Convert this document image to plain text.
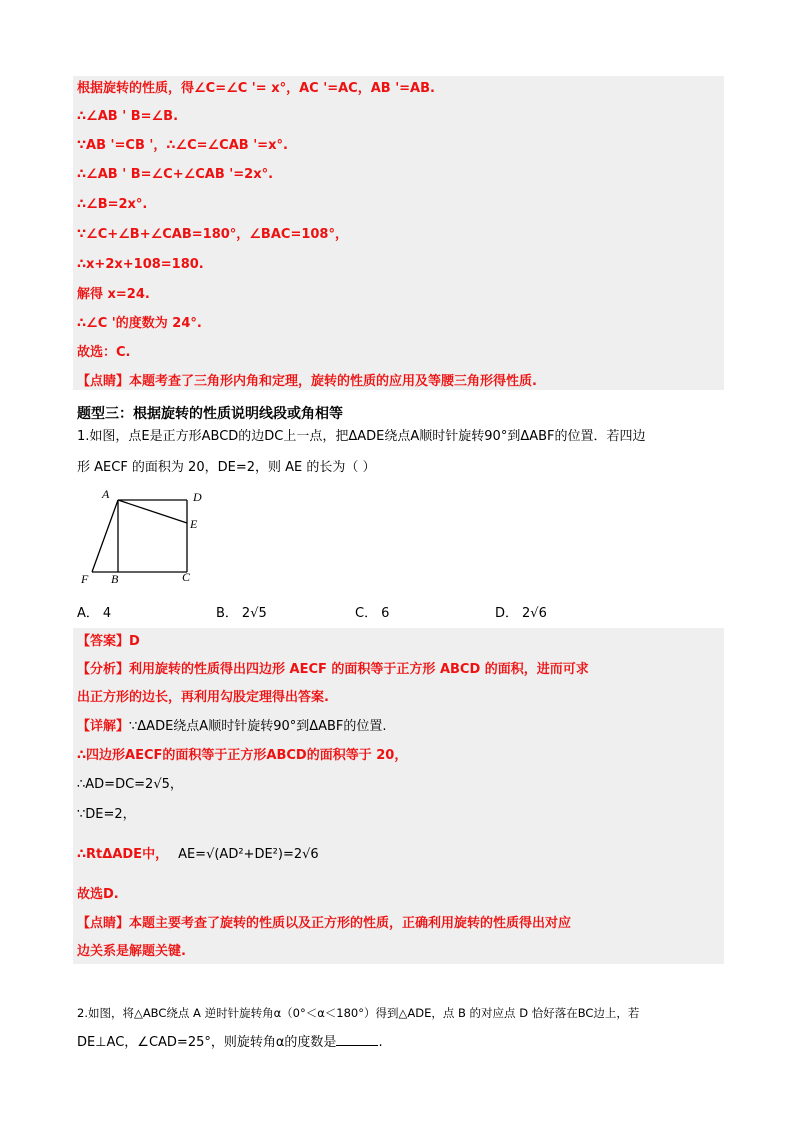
根据旋转的性质，得∠C=∠C '= x°，AC '=AC，AB '=AB.
∴∠AB ' B=∠B.
∵AB '=CB '，∴∠C=∠CAB '=x°.
∴∠AB ' B=∠C+∠CAB '=2x°.
∴∠B=2x°.
∵∠C+∠B+∠CAB=180°，∠BAC=108°，
∴x+2x+108=180.
解得 x=24.
∴∠C '的度数为 24°.
故选：C.
【点睛】本题考查了三角形内角和定理，旋转的性质的应用及等腰三角形得性质.
题型三：根据旋转的性质说明线段或角相等
1.如图，点E是正方形ABCD的边DC上一点，把ΔADE绕点A顺时针旋转90°到ΔABF的位置．若四边
形 AECF 的面积为 20，DE=2，则 AE 的长为（ ）
A	D
E
F B	C
A． 4	B． 2√5	C． 6	D． 2√6
【答案】D
【分析】利用旋转的性质得出四边形 AECF 的面积等于正方形 ABCD 的面积，进而可求
出正方形的边长，再利用勾股定理得出答案.
【详解】∵ΔADE绕点A顺时针旋转90°到ΔABF的位置.
∴四边形AECF的面积等于正方形ABCD的面积等于 20，
∴AD=DC=2√5，
∵DE=2，
∴RtΔADE中， AE=√(AD²+DE²)=2√6
故选D.
【点睛】本题主要考查了旋转的性质以及正方形的性质，正确利用旋转的性质得出对应
边关系是解题关键.
2.如图，将△ABC绕点 A 逆时针旋转角α（0°＜α＜180°）得到△ADE，点 B 的对应点 D 恰好落在BC边上，若
DE⊥AC，∠CAD=25°，则旋转角α的度数是	.
